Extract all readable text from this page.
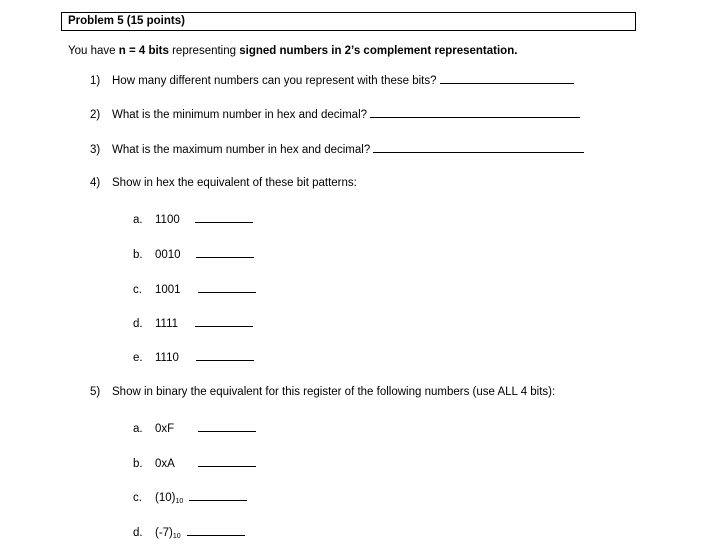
Problem 5 (15 points)
You have n = 4 bits representing signed numbers in 2’s complement representation.
1) How many different numbers can you represent with these bits?
2) What is the minimum number in hex and decimal?
3) What is the maximum number in hex and decimal?
4) Show in hex the equivalent of these bit patterns:
a. 1100
b. 0010
c. 1001
d. 1111
e. 1110
5) Show in binary the equivalent for this register of the following numbers (use ALL 4 bits):
a. 0xF
b. 0xA
c. $(10)_{10}$
d. $(-7)_{10}$
